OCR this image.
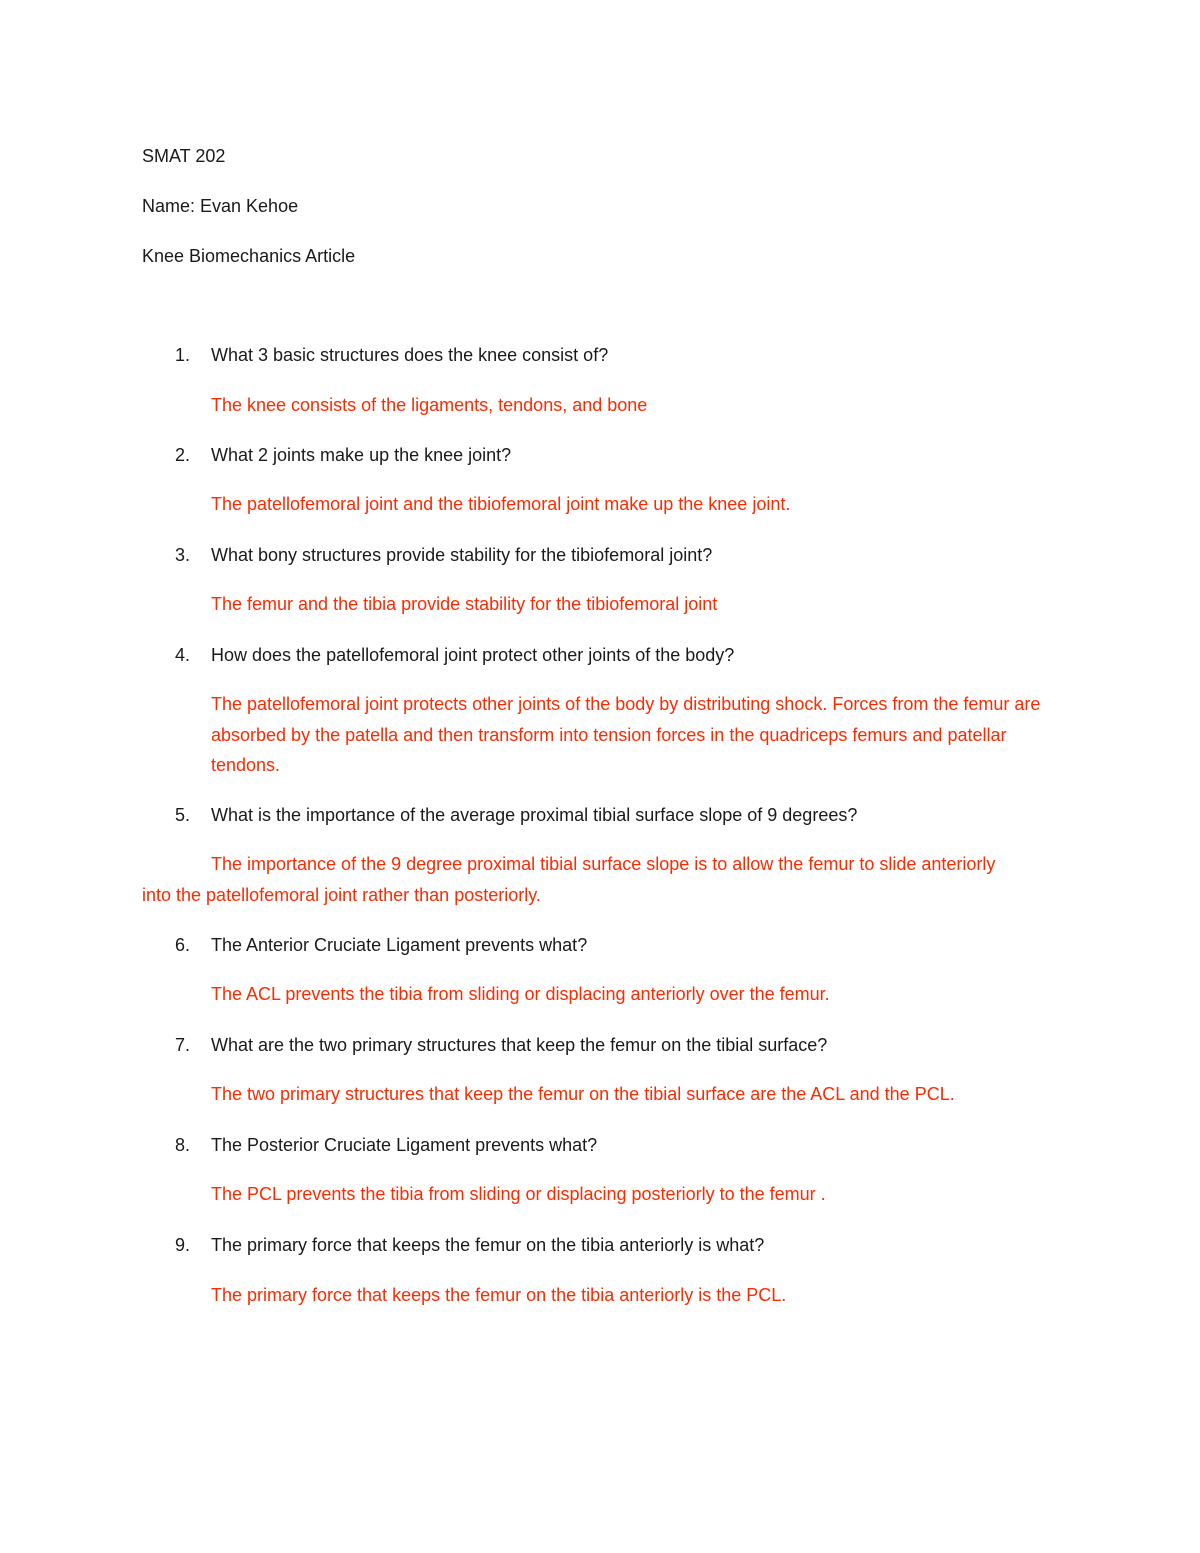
SMAT 202
Name: Evan Kehoe
Knee Biomechanics Article
1. What 3 basic structures does the knee consist of?
The knee consists of the ligaments, tendons, and bone
2. What 2 joints make up the knee joint?
The patellofemoral joint and the tibiofemoral joint make up the knee joint.
3. What bony structures provide stability for the tibiofemoral joint?
The femur and the tibia provide stability for the tibiofemoral joint
4. How does the patellofemoral joint protect other joints of the body?
The patellofemoral joint protects other joints of the body by distributing shock. Forces from the femur are absorbed by the patella and then transform into tension forces in the quadriceps femurs and patellar tendons.
5. What is the importance of the average proximal tibial surface slope of 9 degrees?
The importance of the 9 degree proximal tibial surface slope is to allow the femur to slide anteriorly into the patellofemoral joint rather than posteriorly.
6. The Anterior Cruciate Ligament prevents what?
The ACL prevents the tibia from sliding or displacing anteriorly over the femur.
7. What are the two primary structures that keep the femur on the tibial surface?
The two primary structures that keep the femur on the tibial surface are the ACL and the PCL.
8. The Posterior Cruciate Ligament prevents what?
The PCL prevents the tibia from sliding or displacing posteriorly to the femur .
9. The primary force that keeps the femur on the tibia anteriorly is what?
The primary force that keeps the femur on the tibia anteriorly is the PCL.
